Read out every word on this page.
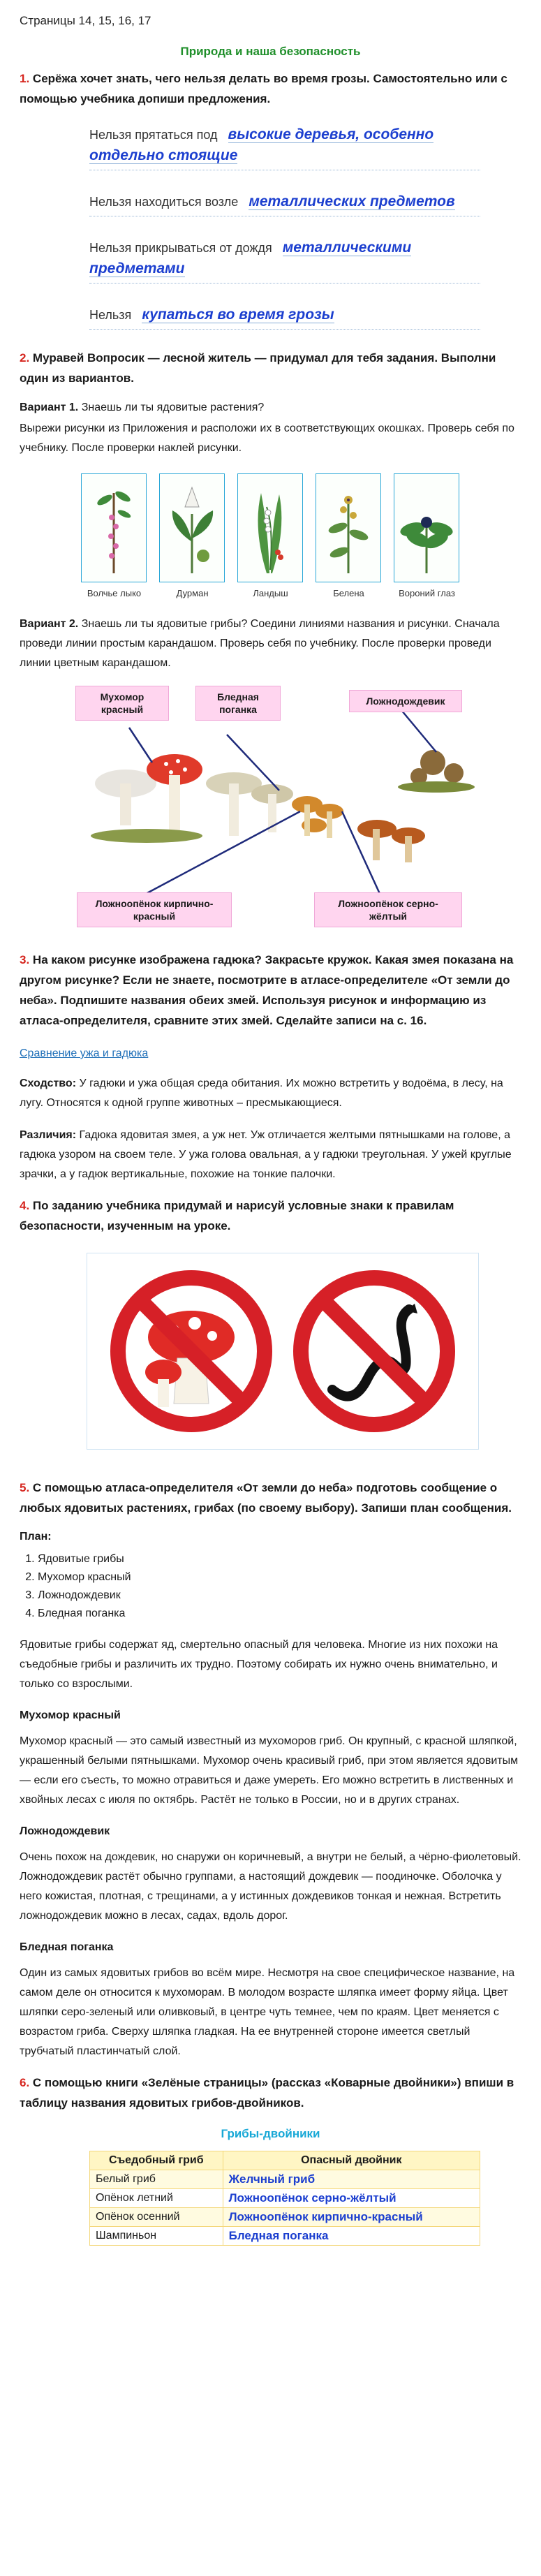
Страницы 14, 15, 16, 17
Природа и наша безопасность
1. Серёжа хочет знать, чего нельзя делать во время грозы. Самостоятельно или с помощью учебника допиши предложения.
Нельзя прятаться под высокие деревья, особенно отдельно стоящие
Нельзя находиться возле металлических предметов
Нельзя прикрываться от дождя металлическими предметами
Нельзя купаться во время грозы
2. Муравей Вопросик — лесной житель — придумал для тебя задания. Выполни один из вариантов.
Вариант 1. Знаешь ли ты ядовитые растения?
Вырежи рисунки из Приложения и расположи их в соответствующих окошках. Проверь себя по учебнику. После проверки наклей рисунки.
Волчье лыко	Дурман	Ландыш	Белена	Вороний глаз
Вариант 2. Знаешь ли ты ядовитые грибы? Соедини линиями названия и рисунки. Сначала проведи линии простым карандашом. Проверь себя по учебнику. После проверки проведи линии цветным карандашом.
Мухомор красный
Бледная поганка
Ложнодождевик
Ложноопёнок кирпично-красный
Ложноопёнок серно-жёлтый
3. На каком рисунке изображена гадюка? Закрасьте кружок. Какая змея показана на другом рисунке? Если не знаете, посмотрите в атласе-определителе «От земли до неба». Подпишите названия обеих змей. Используя рисунок и информацию из атласа-определителя, сравните этих змей. Сделайте записи на с. 16.
Сравнение ужа и гадюка
Сходство: У гадюки и ужа общая среда обитания. Их можно встретить у водоёма, в лесу, на лугу. Относятся к одной группе животных – пресмыкающиеся.
Различия: Гадюка ядовитая змея, а уж нет. Уж отличается желтыми пятнышками на голове, а гадюка узором на своем теле. У ужа голова овальная, а у гадюки треугольная. У ужей круглые зрачки, а у гадюк вертикальные, похожие на тонкие палочки.
4. По заданию учебника придумай и нарисуй условные знаки к правилам безопасности, изученным на уроке.
5. С помощью атласа-определителя «От земли до неба» подготовь сообщение о любых ядовитых растениях, грибах (по своему выбору). Запиши план сообщения.
План:
1. Ядовитые грибы
2. Мухомор красный
3. Ложнодождевик
4. Бледная поганка
Ядовитые грибы содержат яд, смертельно опасный для человека. Многие из них похожи на съедобные грибы и различить их трудно. Поэтому собирать их нужно очень внимательно, и только со взрослыми.
Мухомор красный
Мухомор красный — это самый известный из мухоморов гриб. Он крупный, с красной шляпкой, украшенный белыми пятнышками. Мухомор очень красивый гриб, при этом является ядовитым — если его съесть, то можно отравиться и даже умереть. Его можно встретить в лиственных и хвойных лесах с июля по октябрь. Растёт не только в России, но и в других странах.
Ложнодождевик
Очень похож на дождевик, но снаружи он коричневый, а внутри не белый, а чёрно-фиолетовый. Ложнодождевик растёт обычно группами, а настоящий дождевик — поодиночке. Оболочка у него кожистая, плотная, с трещинами, а у истинных дождевиков тонкая и нежная. Встретить ложнодождевик можно в лесах, садах, вдоль дорог.
Бледная поганка
Один из самых ядовитых грибов во всём мире. Несмотря на свое специфическое название, на самом деле он относится к мухоморам. В молодом возрасте шляпка имеет форму яйца. Цвет шляпки серо-зеленый или оливковый, в центре чуть темнее, чем по краям. Цвет меняется с возрастом гриба. Сверху шляпка гладкая. На ее внутренней стороне имеется светлый трубчатый пластинчатый слой.
6. С помощью книги «Зелёные страницы» (рассказ «Коварные двойники») впиши в таблицу названия ядовитых грибов-двойников.
Грибы-двойники
Съедобный гриб	Опасный двойник
Белый гриб	Желчный гриб
Опёнок летний	Ложноопёнок серно-жёлтый
Опёнок осенний	Ложноопёнок кирпично-красный
Шампиньон	Бледная поганка
